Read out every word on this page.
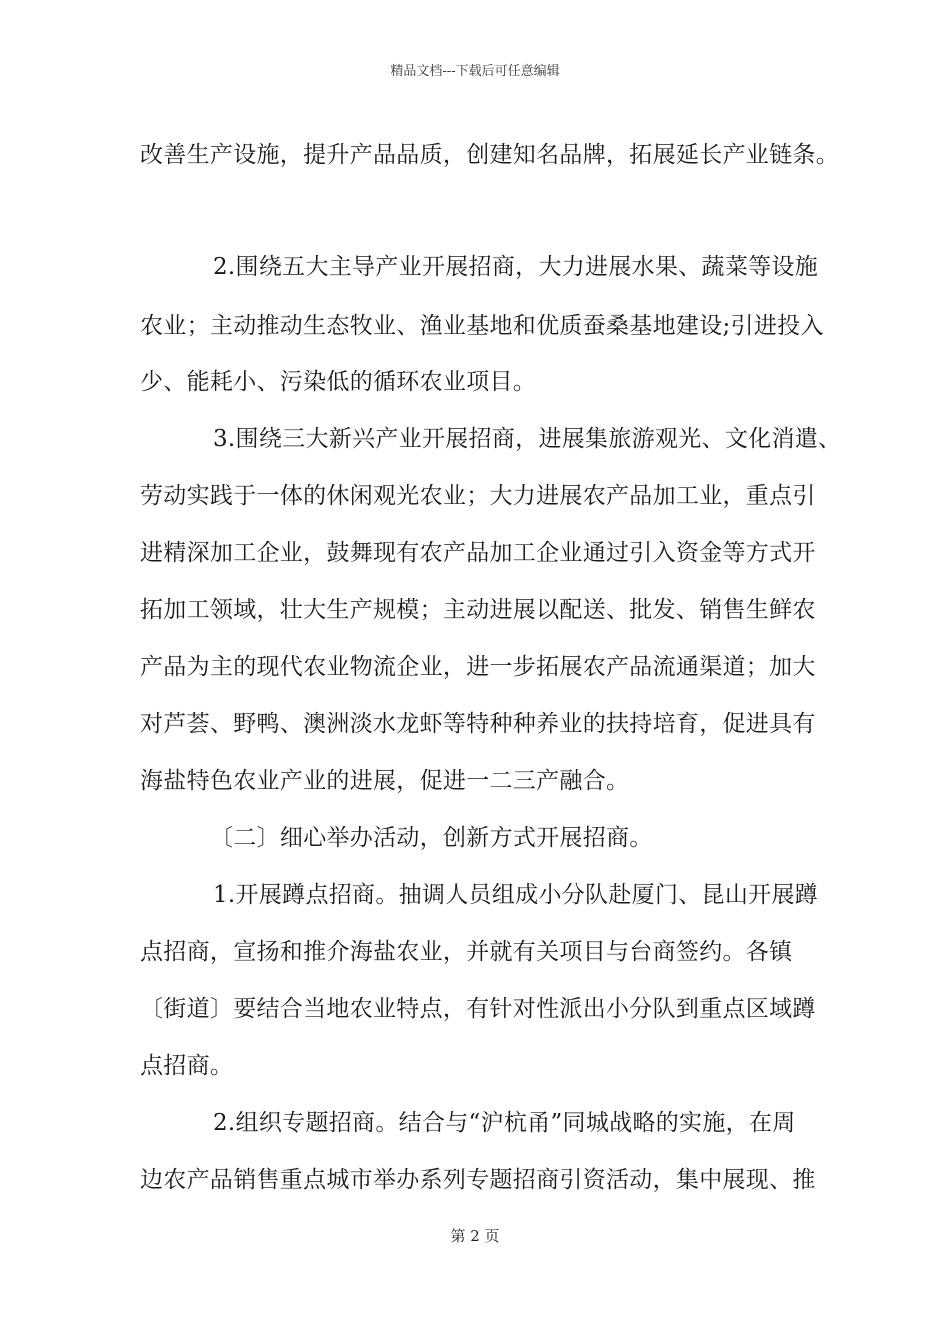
精品文档---下载后可任意编辑
改善生产设施，提升产品品质，创建知名品牌，拓展延长产业链条。
2.围绕五大主导产业开展招商，大力进展水果、蔬菜等设施
农业；主动推动生态牧业、渔业基地和优质蚕桑基地建设;引进投入
少、能耗小、污染低的循环农业项目。
3.围绕三大新兴产业开展招商，进展集旅游观光、文化消遣、
劳动实践于一体的休闲观光农业；大力进展农产品加工业，重点引
进精深加工企业，鼓舞现有农产品加工企业通过引入资金等方式开
拓加工领域，壮大生产规模；主动进展以配送、批发、销售生鲜农
产品为主的现代农业物流企业，进一步拓展农产品流通渠道；加大
对芦荟、野鸭、澳洲淡水龙虾等特种种养业的扶持培育，促进具有
海盐特色农业产业的进展，促进一二三产融合。
〔二〕细心举办活动，创新方式开展招商。
1.开展蹲点招商。抽调人员组成小分队赴厦门、昆山开展蹲
点招商，宣扬和推介海盐农业，并就有关项目与台商签约。各镇
〔街道〕要结合当地农业特点，有针对性派出小分队到重点区域蹲
点招商。
2.组织专题招商。结合与“沪杭甬”同城战略的实施，在周
边农产品销售重点城市举办系列专题招商引资活动，集中展现、推
第 2 页
